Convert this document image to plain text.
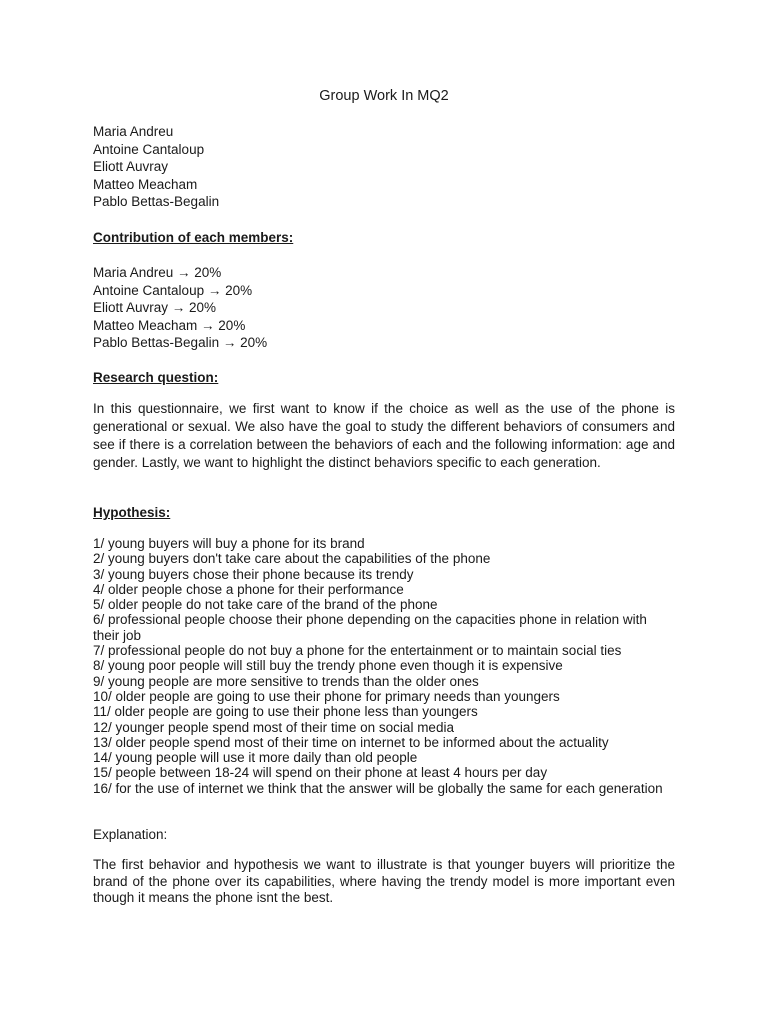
Group Work In MQ2
Maria Andreu
Antoine Cantaloup
Eliott Auvray
Matteo Meacham
Pablo Bettas-Begalin
Contribution of each members:
Maria Andreu → 20%
Antoine Cantaloup → 20%
Eliott Auvray → 20%
Matteo Meacham → 20%
Pablo Bettas-Begalin → 20%
Research question:
In this questionnaire, we first want to know if the choice as well as the use of the phone is generational or sexual. We also have the goal to study the different behaviors of consumers and see if there is a correlation between the behaviors of each and the following information: age and gender. Lastly, we want to highlight the distinct behaviors specific to each generation.
Hypothesis:
1/ young buyers will buy a phone for its brand
2/ young buyers don't take care about the capabilities of the phone
3/ young buyers chose their phone because its trendy
4/ older people chose a phone for their performance
5/ older people do not take care of the brand of the phone
6/ professional people choose their phone depending on the capacities phone in relation with their job
7/ professional people do not buy a phone for the entertainment or to maintain social ties
8/ young poor people will still buy the trendy phone even though it is expensive
9/ young people are more sensitive to trends than the older ones
10/ older people are going to use their phone for primary needs than youngers
11/ older people are going to use their phone less than youngers
12/ younger people spend most of their time on social media
13/ older people spend most of their time on internet to be informed about the actuality
14/ young people will use it more daily than old people
15/ people between 18-24 will spend on their phone at least 4 hours per day
16/ for the use of internet we think that the answer will be globally the same for each generation
Explanation:
The first behavior and hypothesis we want to illustrate is that younger buyers will prioritize the brand of the phone over its capabilities, where having the trendy model is more important even though it means the phone isnt the best.
